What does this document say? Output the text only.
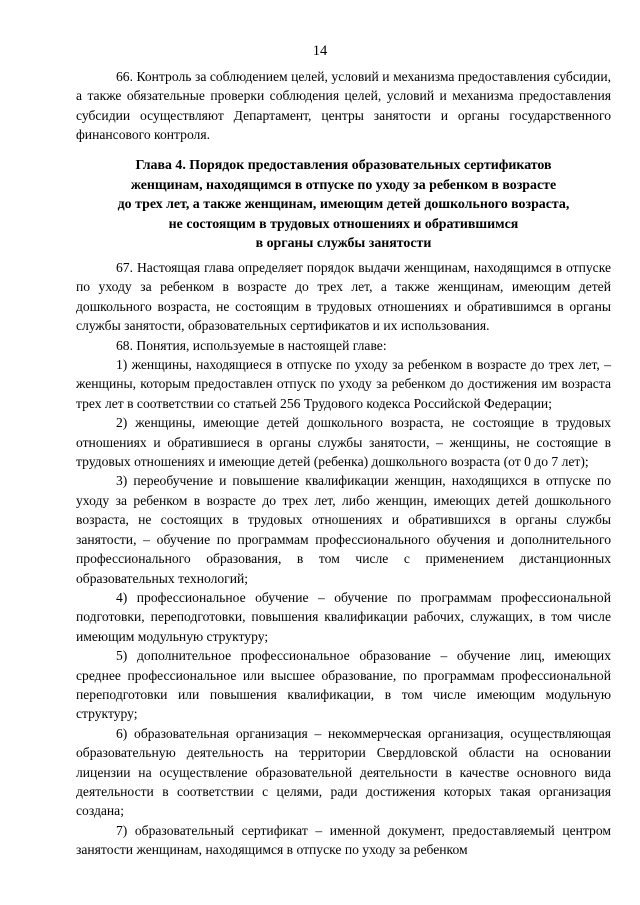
14

66. Контроль за соблюдением целей, условий и механизма предоставления субсидии, а также обязательные проверки соблюдения целей, условий и механизма предоставления субсидии осуществляют Департамент, центры занятости и органы государственного финансового контроля.

Глава 4. Порядок предоставления образовательных сертификатов
женщинам, находящимся в отпуске по уходу за ребенком в возрасте
до трех лет, а также женщинам, имеющим детей дошкольного возраста,
не состоящим в трудовых отношениях и обратившимся
в органы службы занятости

67. Настоящая глава определяет порядок выдачи женщинам, находящимся в отпуске по уходу за ребенком в возрасте до трех лет, а также женщинам, имеющим детей дошкольного возраста, не состоящим в трудовых отношениях и обратившимся в органы службы занятости, образовательных сертификатов и их использования.

68. Понятия, используемые в настоящей главе:

1) женщины, находящиеся в отпуске по уходу за ребенком в возрасте до трех лет, – женщины, которым предоставлен отпуск по уходу за ребенком до достижения им возраста трех лет в соответствии со статьей 256 Трудового кодекса Российской Федерации;

2) женщины, имеющие детей дошкольного возраста, не состоящие в трудовых отношениях и обратившиеся в органы службы занятости, – женщины, не состоящие в трудовых отношениях и имеющие детей (ребенка) дошкольного возраста (от 0 до 7 лет);

3) переобучение и повышение квалификации женщин, находящихся в отпуске по уходу за ребенком в возрасте до трех лет, либо женщин, имеющих детей дошкольного возраста, не состоящих в трудовых отношениях и обратившихся в органы службы занятости, – обучение по программам профессионального обучения и дополнительного профессионального образования, в том числе с применением дистанционных образовательных технологий;

4) профессиональное обучение – обучение по программам профессиональной подготовки, переподготовки, повышения квалификации рабочих, служащих, в том числе имеющим модульную структуру;

5) дополнительное профессиональное образование – обучение лиц, имеющих среднее профессиональное или высшее образование, по программам профессиональной переподготовки или повышения квалификации, в том числе имеющим модульную структуру;

6) образовательная организация – некоммерческая организация, осуществляющая образовательную деятельность на территории Свердловской области на основании лицензии на осуществление образовательной деятельности в качестве основного вида деятельности в соответствии с целями, ради достижения которых такая организация создана;

7) образовательный сертификат – именной документ, предоставляемый центром занятости женщинам, находящимся в отпуске по уходу за ребенком
